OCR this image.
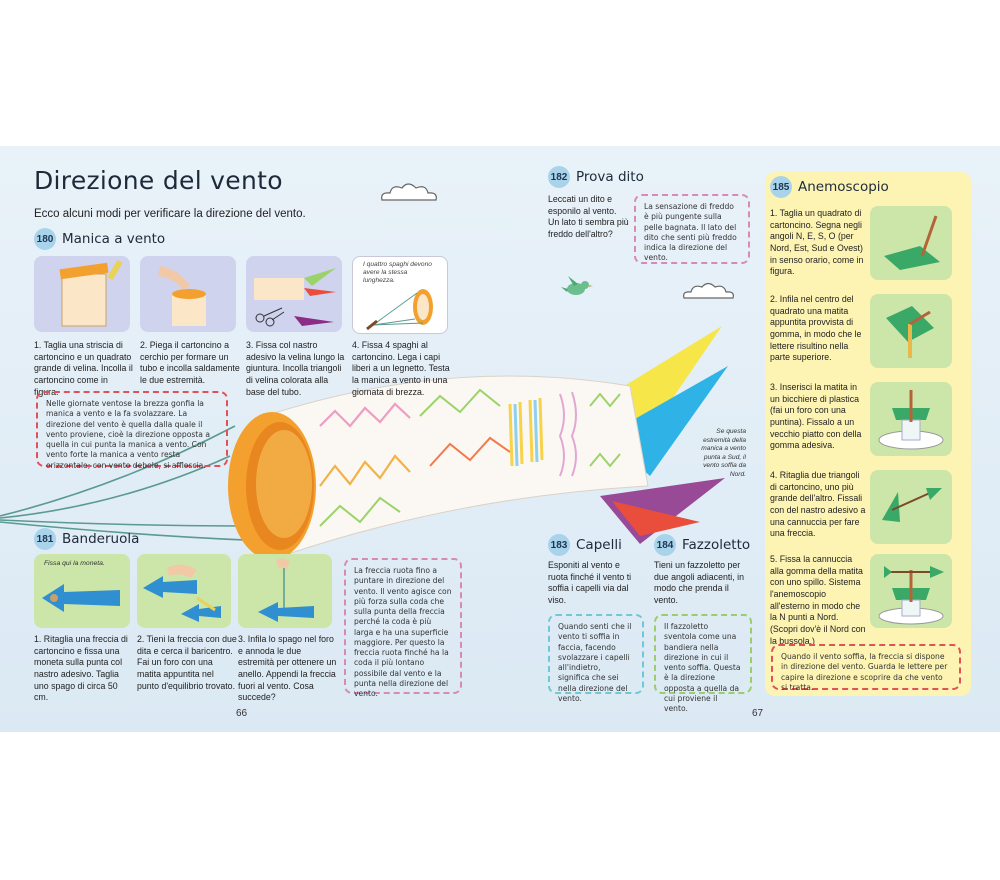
Direzione del vento
Ecco alcuni modi per verificare la direzione del vento.
180 Manica a vento
I quattro spaghi devono avere la stessa lunghezza.
1. Taglia una striscia di cartoncino e un quadrato grande di velina. Incolla il cartoncino come in figura.
2. Piega il cartoncino a cerchio per formare un tubo e incolla saldamente le due estremità.
3. Fissa col nastro adesivo la velina lungo la giuntura. Incolla triangoli di velina colorata alla base del tubo.
4. Fissa 4 spaghi al cartoncino. Lega i capi liberi a un legnetto. Testa la manica a vento in una giornata di brezza.
Nelle giornate ventose la brezza gonfia la manica a vento e la fa svolazzare. La direzione del vento è quella dalla quale il vento proviene, cioè la direzione opposta a quella in cui punta la manica a vento. Con vento forte la manica a vento resta orizzontale; con vento debole, si affloscia.
Se questa estremità della manica a vento punta a Sud, il vento soffia da Nord.
181 Banderuola
Fissa qui la moneta.
1. Ritaglia una freccia di cartoncino e fissa una moneta sulla punta col nastro adesivo. Taglia uno spago di circa 50 cm.
2. Tieni la freccia con due dita e cerca il baricentro. Fai un foro con una matita appuntita nel punto d'equilibrio trovato.
3. Infila lo spago nel foro e annoda le due estremità per ottenere un anello. Appendi la freccia fuori al vento. Cosa succede?
La freccia ruota fino a puntare in direzione del vento. Il vento agisce con più forza sulla coda che sulla punta della freccia perché la coda è più larga e ha una superficie maggiore. Per questo la freccia ruota finché ha la coda il più lontano possibile dal vento e la punta nella direzione del vento.
66	67
182 Prova dito
Leccati un dito e esponilo al vento. Un lato ti sembra più freddo dell'altro?
La sensazione di freddo è più pungente sulla pelle bagnata. Il lato del dito che senti più freddo indica la direzione del vento.
183 Capelli
Esponiti al vento e ruota finché il vento ti soffia i capelli via dal viso.
Quando senti che il vento ti soffia in faccia, facendo svolazzare i capelli all'indietro, significa che sei nella direzione del vento.
184 Fazzoletto
Tieni un fazzoletto per due angoli adiacenti, in modo che prenda il vento.
Il fazzoletto sventola come una bandiera nella direzione in cui il vento soffia. Questa è la direzione opposta a quella da cui proviene il vento.
185 Anemoscopio
1. Taglia un quadrato di cartoncino. Segna negli angoli N, E, S, O (per Nord, Est, Sud e Ovest) in senso orario, come in figura.
2. Infila nel centro del quadrato una matita appuntita provvista di gomma, in modo che le lettere risultino nella parte superiore.
3. Inserisci la matita in un bicchiere di plastica (fai un foro con una puntina). Fissalo a un vecchio piatto con della gomma adesiva.
4. Ritaglia due triangoli di cartoncino, uno più grande dell'altro. Fissali con del nastro adesivo a una cannuccia per fare una freccia.
5. Fissa la cannuccia alla gomma della matita con uno spillo. Sistema l'anemoscopio all'esterno in modo che la N punti a Nord. (Scopri dov'è il Nord con la bussola.)
Quando il vento soffia, la freccia si dispone in direzione del vento. Guarda le lettere per capire la direzione e scoprire da che vento si tratta.
